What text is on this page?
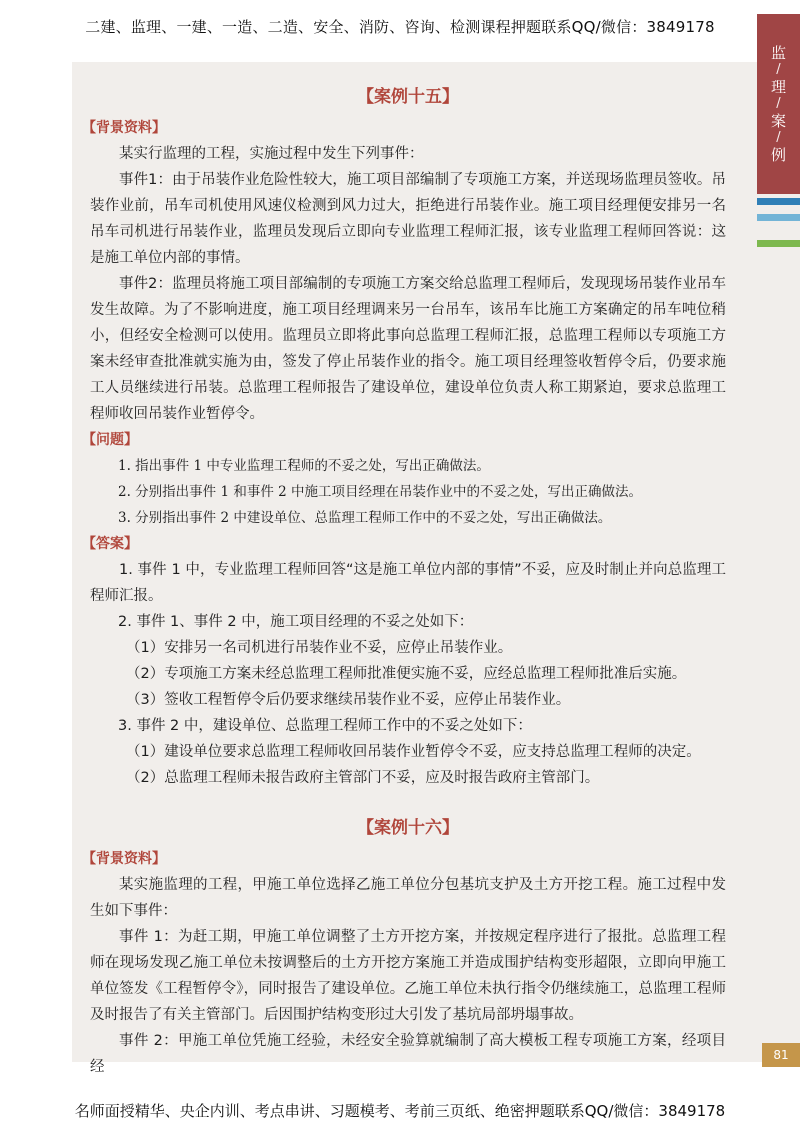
二建、监理、一建、一造、二造、安全、消防、咨询、检测课程押题联系QQ/微信：3849178
监
/
理
/
案
/
例
【案例十五】
【背景资料】

某实行监理的工程，实施过程中发生下列事件：

事件1：由于吊装作业危险性较大，施工项目部编制了专项施工方案，并送现场监理员签收。吊装作业前，吊车司机使用风速仪检测到风力过大，拒绝进行吊装作业。施工项目经理便安排另一名吊车司机进行吊装作业，监理员发现后立即向专业监理工程师汇报，该专业监理工程师回答说：这是施工单位内部的事情。

事件2：监理员将施工项目部编制的专项施工方案交给总监理工程师后，发现现场吊装作业吊车发生故障。为了不影响进度，施工项目经理调来另一台吊车，该吊车比施工方案确定的吊车吨位稍小，但经安全检测可以使用。监理员立即将此事向总监理工程师汇报，总监理工程师以专项施工方案未经审查批准就实施为由，签发了停止吊装作业的指令。施工项目经理签收暂停令后，仍要求施工人员继续进行吊装。总监理工程师报告了建设单位，建设单位负责人称工期紧迫，要求总监理工程师收回吊装作业暂停令。

【问题】

1. 指出事件 1 中专业监理工程师的不妥之处，写出正确做法。

2. 分别指出事件 1 和事件 2 中施工项目经理在吊装作业中的不妥之处，写出正确做法。

3. 分别指出事件 2 中建设单位、总监理工程师工作中的不妥之处，写出正确做法。

【答案】

1. 事件 1 中，专业监理工程师回答“这是施工单位内部的事情”不妥，应及时制止并向总监理工程师汇报。

2. 事件 1、事件 2 中，施工项目经理的不妥之处如下：

（1）安排另一名司机进行吊装作业不妥，应停止吊装作业。

（2）专项施工方案未经总监理工程师批准便实施不妥，应经总监理工程师批准后实施。

（3）签收工程暂停令后仍要求继续吊装作业不妥，应停止吊装作业。

3. 事件 2 中，建设单位、总监理工程师工作中的不妥之处如下：

（1）建设单位要求总监理工程师收回吊装作业暂停令不妥，应支持总监理工程师的决定。

（2）总监理工程师未报告政府主管部门不妥，应及时报告政府主管部门。

【案例十六】
【背景资料】

某实施监理的工程，甲施工单位选择乙施工单位分包基坑支护及土方开挖工程。施工过程中发生如下事件：

事件 1：为赶工期，甲施工单位调整了土方开挖方案，并按规定程序进行了报批。总监理工程师在现场发现乙施工单位未按调整后的土方开挖方案施工并造成围护结构变形超限，立即向甲施工单位签发《工程暂停令》，同时报告了建设单位。乙施工单位未执行指令仍继续施工，总监理工程师及时报告了有关主管部门。后因围护结构变形过大引发了基坑局部坍塌事故。

事件 2：甲施工单位凭施工经验，未经安全验算就编制了高大模板工程专项施工方案，经项目经

81
名师面授精华、央企内训、考点串讲、习题模考、考前三页纸、绝密押题联系QQ/微信：3849178
